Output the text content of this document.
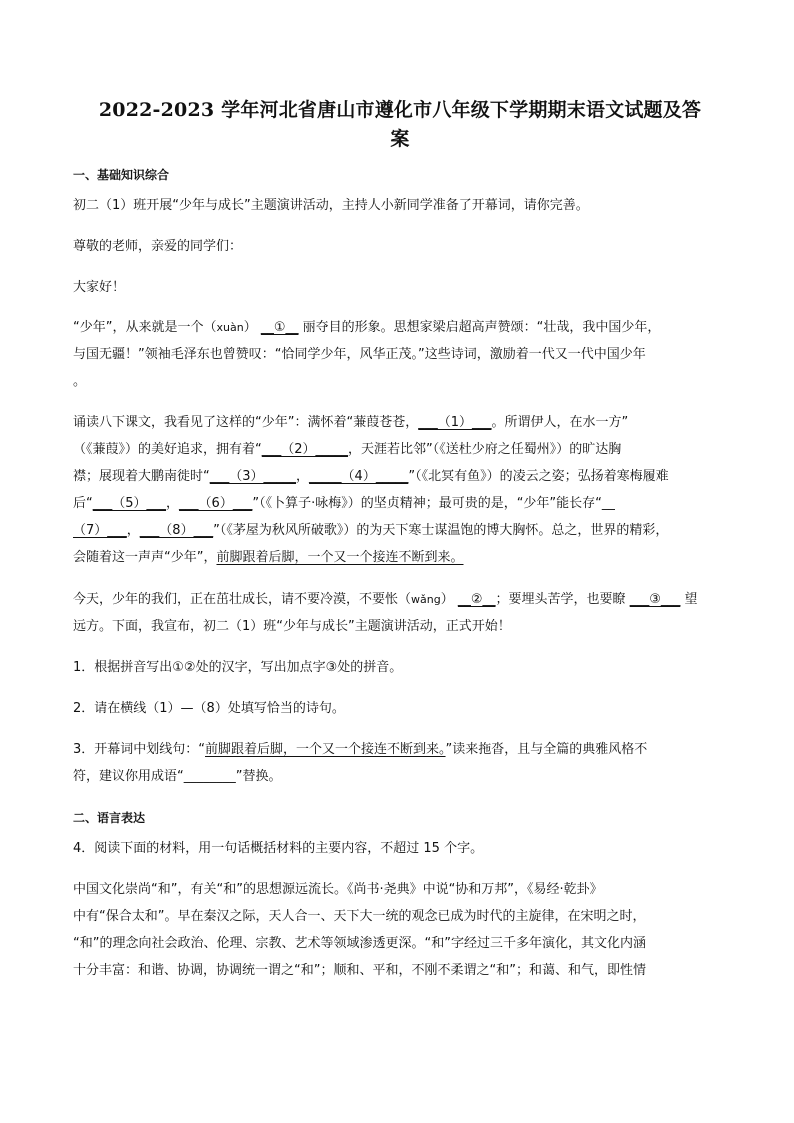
2022-2023 学年河北省唐山市遵化市八年级下学期期末语文试题及答
案
一、基础知识综合
初二（1）班开展“少年与成长”主题演讲活动，主持人小新同学准备了开幕词，请你完善。
尊敬的老师，亲爱的同学们：
大家好！
“少年”，从来就是一个（xuàn） __①__ 丽夺目的形象。思想家梁启超高声赞颂：“壮哉，我中国少年，
与国无疆！”领袖毛泽东也曾赞叹：“恰同学少年，风华正茂。”这些诗词，激励着一代又一代中国少年
。
诵读八下课文，我看见了这样的“少年”：满怀着“蒹葭苍苍，___（1）___。所谓伊人，在水一方”
（《蒹葭》）的美好追求，拥有着“___（2）_____，天涯若比邻”（《送杜少府之任蜀州》）的旷达胸
襟；展现着大鹏南徙时“___（3）_____，_____（4）_____”（《北冥有鱼》）的凌云之姿；弘扬着寒梅履难
后“___（5）___，___（6）___”（《卜算子·咏梅》）的坚贞精神；最可贵的是，“少年”能长存“__
（7）___，___（8）___”（《茅屋为秋风所破歌》）的为天下寒士谋温饱的博大胸怀。总之，世界的精彩，
会随着这一声声“少年”，前脚跟着后脚，一个又一个接连不断到来。
今天，少年的我们，正在茁壮成长，请不要冷漠，不要怅（wǎng） __②__；要埋头苦学，也要瞭 ___③___ 望
远方。下面，我宣布，初二（1）班“少年与成长”主题演讲活动，正式开始！
1．根据拼音写出①②处的汉字，写出加点字③处的拼音。
2．请在横线（1）—（8）处填写恰当的诗句。
3．开幕词中划线句：“前脚跟着后脚，一个又一个接连不断到来。”读来拖沓，且与全篇的典雅风格不
符，建议你用成语“________”替换。
二、语言表达
4．阅读下面的材料，用一句话概括材料的主要内容，不超过 15 个字。
中国文化崇尚“和”，有关“和”的思想源远流长。《尚书·尧典》中说“协和万邦”，《易经·乾卦》
中有“保合太和”。早在秦汉之际，天人合一、天下大一统的观念已成为时代的主旋律，在宋明之时，
“和”的理念向社会政治、伦理、宗教、艺术等领域渗透更深。“和”字经过三千多年演化，其文化内涵
十分丰富：和谐、协调，协调统一谓之“和”；顺和、平和，不刚不柔谓之“和”；和蔼、和气，即性情
